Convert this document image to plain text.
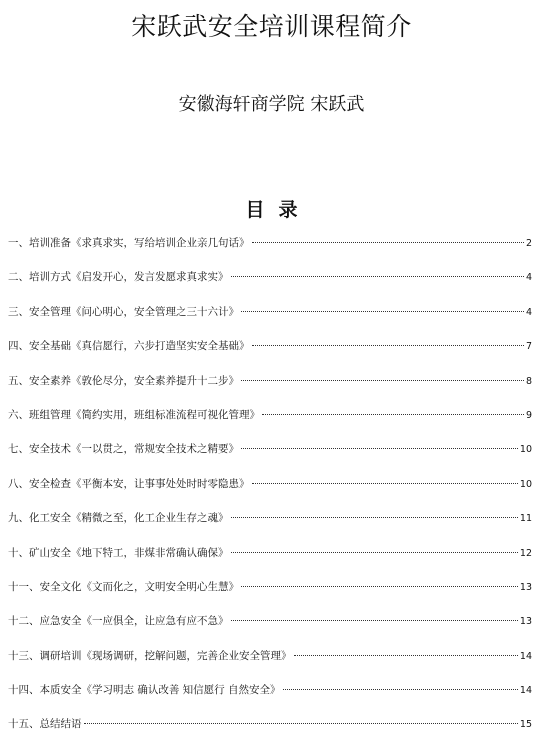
宋跃武安全培训课程简介

安徽海轩商学院 宋跃武

目录
一、培训准备《求真求实，写给培训企业亲几句话》	2
二、培训方式《启发开心，发言发愿求真求实》	4
三、安全管理《问心明心，安全管理之三十六计》	4
四、安全基础《真信愿行，六步打造坚实安全基础》	7
五、安全素养《敦伦尽分，安全素养提升十二步》	8
六、班组管理《简约实用，班组标准流程可视化管理》	9
七、安全技术《一以贯之，常规安全技术之精要》	10
八、安全检查《平衡本安，让事事处处时时零隐患》	10
九、化工安全《精微之至，化工企业生存之魂》	11
十、矿山安全《地下特工，非煤非常确认确保》	12
十一、安全文化《文而化之，文明安全明心生慧》	13
十二、应急安全《一应俱全，让应急有应不急》	13
十三、调研培训《现场调研，挖解问题，完善企业安全管理》	14
十四、本质安全《学习明志 确认改善 知信愿行 自然安全》	14
十五、总结结语	15
